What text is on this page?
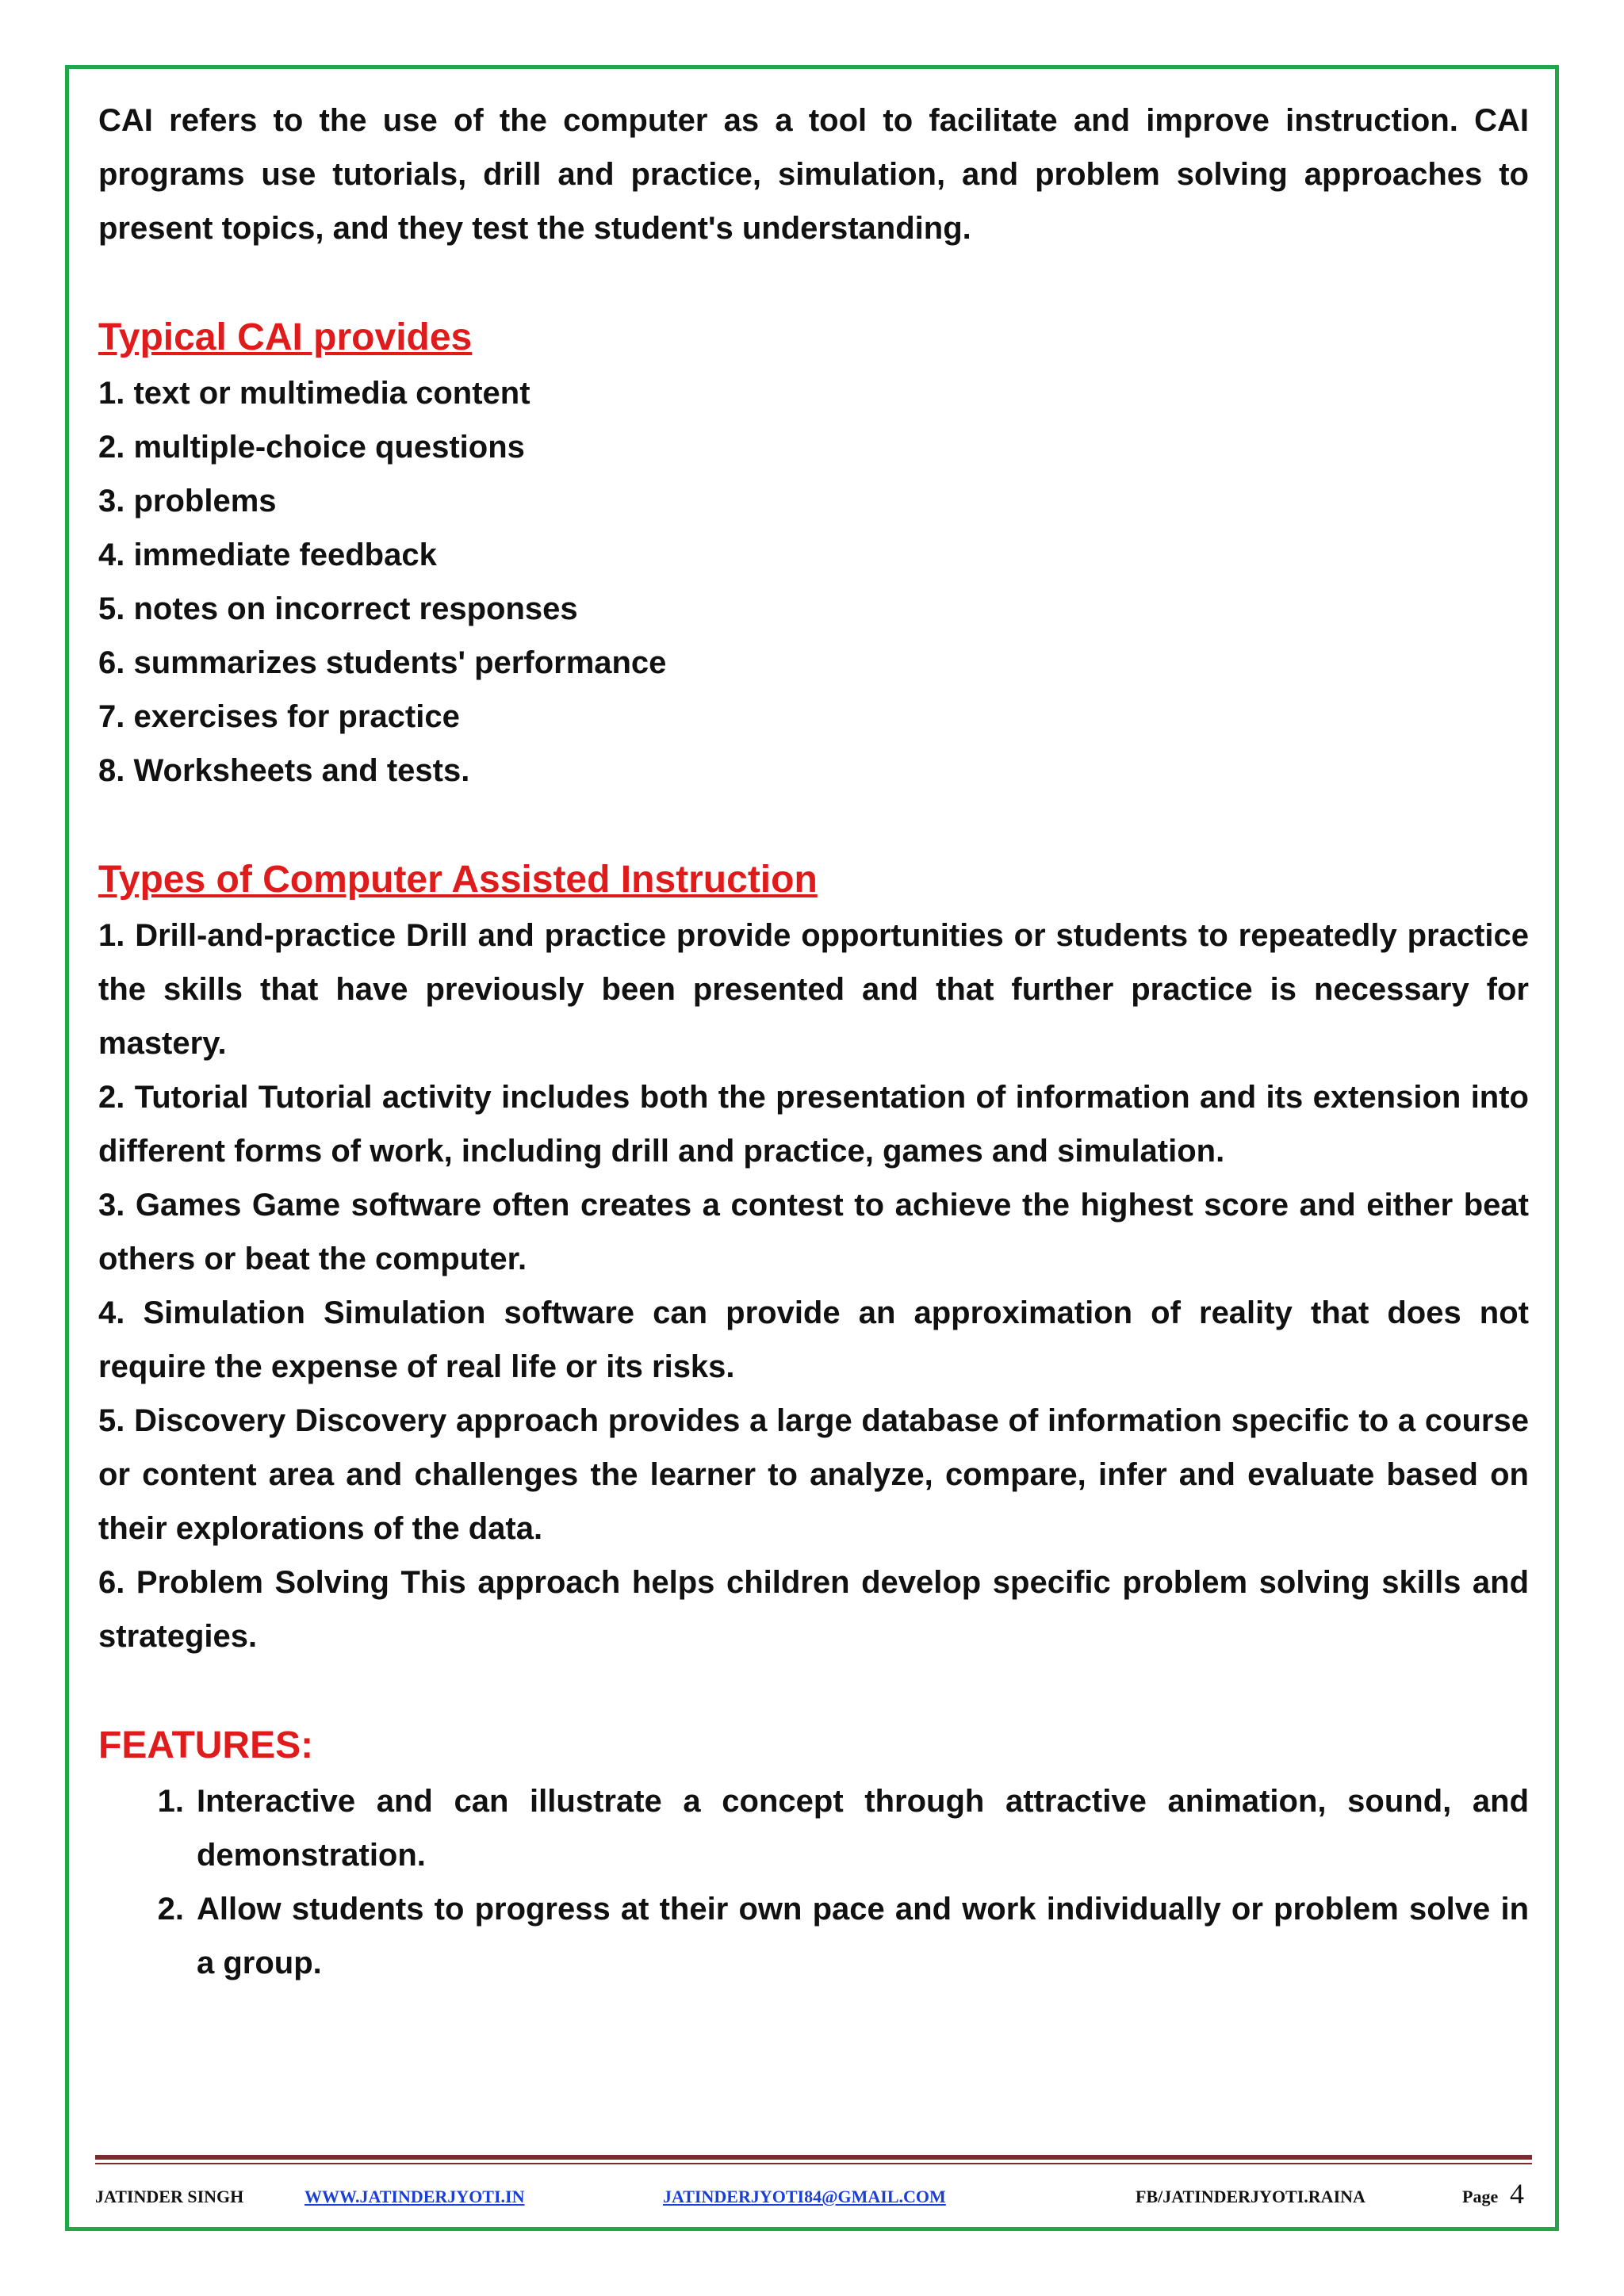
CAI refers to the use of the computer as a tool to facilitate and improve instruction. CAI programs use tutorials, drill and practice, simulation, and problem solving approaches to present topics, and they test the student's understanding.

Typical CAI provides

1. text or multimedia content

2. multiple-choice questions

3. problems

4. immediate feedback

5. notes on incorrect responses

6. summarizes students' performance

7. exercises for practice

8. Worksheets and tests.

Types of Computer Assisted Instruction

1. Drill-and-practice Drill and practice provide opportunities or students to repeatedly practice the skills that have previously been presented and that further practice is necessary for mastery.

2. Tutorial Tutorial activity includes both the presentation of information and its extension into different forms of work, including drill and practice, games and simulation.

3. Games Game software often creates a contest to achieve the highest score and either beat others or beat the computer.

4. Simulation Simulation software can provide an approximation of reality that does not require the expense of real life or its risks.

5. Discovery Discovery approach provides a large database of information specific to a course or content area and challenges the learner to analyze, compare, infer and evaluate based on their explorations of the data.

6. Problem Solving This approach helps children develop specific problem solving skills and strategies.

FEATURES:
1. Interactive and can illustrate a concept through attractive animation, sound, and demonstration.
2. Allow students to progress at their own pace and work individually or problem solve in a group.
JATINDER SINGH	WWW.JATINDERJYOTI.IN	JATINDERJYOTI84@GMAIL.COM	FB/JATINDERJYOTI.RAINA	Page 4
